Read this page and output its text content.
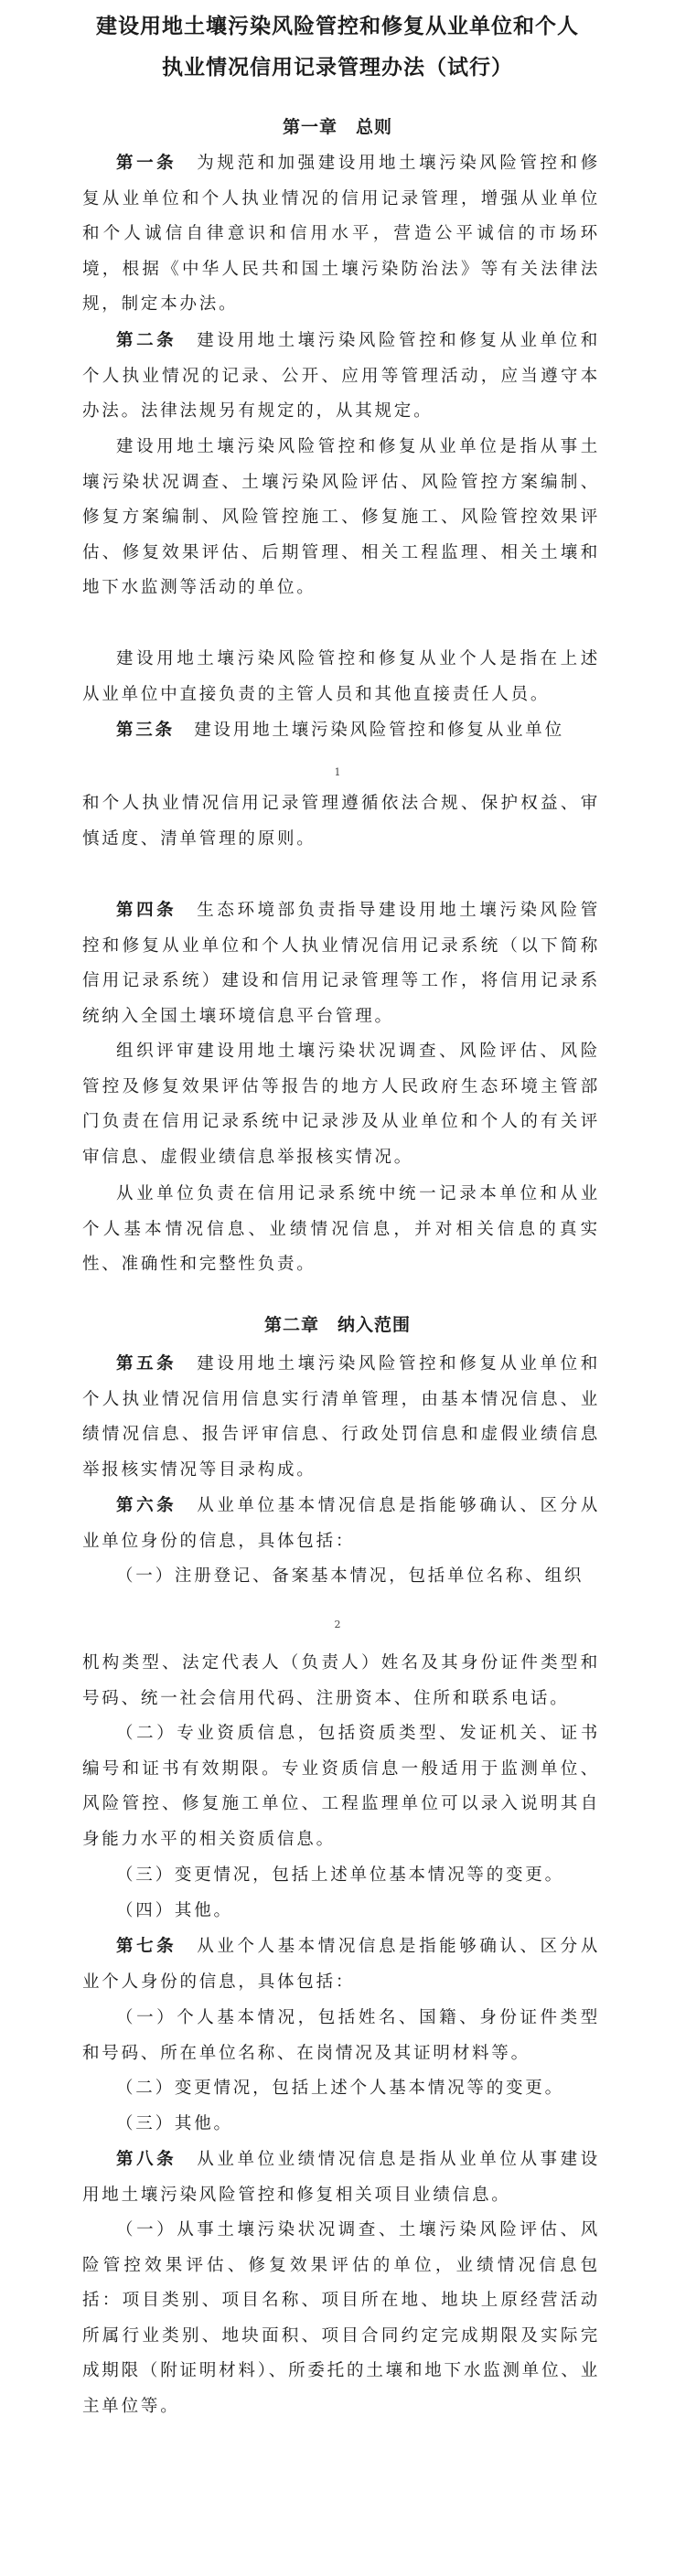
建设用地土壤污染风险管控和修复从业单位和个人
执业情况信用记录管理办法（试行）
第一章　总则
第一条　为规范和加强建设用地土壤污染风险管控和修复从业单位和个人执业情况的信用记录管理，增强从业单位和个人诚信自律意识和信用水平，营造公平诚信的市场环境，根据《中华人民共和国土壤污染防治法》等有关法律法规，制定本办法。
第二条　建设用地土壤污染风险管控和修复从业单位和个人执业情况的记录、公开、应用等管理活动，应当遵守本办法。法律法规另有规定的，从其规定。
建设用地土壤污染风险管控和修复从业单位是指从事土壤污染状况调查、土壤污染风险评估、风险管控方案编制、修复方案编制、风险管控施工、修复施工、风险管控效果评估、修复效果评估、后期管理、相关工程监理、相关土壤和地下水监测等活动的单位。
建设用地土壤污染风险管控和修复从业个人是指在上述从业单位中直接负责的主管人员和其他直接责任人员。
第三条　建设用地土壤污染风险管控和修复从业单位
1
和个人执业情况信用记录管理遵循依法合规、保护权益、审慎适度、清单管理的原则。
第四条　生态环境部负责指导建设用地土壤污染风险管控和修复从业单位和个人执业情况信用记录系统（以下简称信用记录系统）建设和信用记录管理等工作，将信用记录系统纳入全国土壤环境信息平台管理。
组织评审建设用地土壤污染状况调查、风险评估、风险管控及修复效果评估等报告的地方人民政府生态环境主管部门负责在信用记录系统中记录涉及从业单位和个人的有关评审信息、虚假业绩信息举报核实情况。
从业单位负责在信用记录系统中统一记录本单位和从业个人基本情况信息、业绩情况信息，并对相关信息的真实性、准确性和完整性负责。
第二章　纳入范围
第五条　建设用地土壤污染风险管控和修复从业单位和个人执业情况信用信息实行清单管理，由基本情况信息、业绩情况信息、报告评审信息、行政处罚信息和虚假业绩信息举报核实情况等目录构成。
第六条　从业单位基本情况信息是指能够确认、区分从业单位身份的信息，具体包括：
（一）注册登记、备案基本情况，包括单位名称、组织
2
机构类型、法定代表人（负责人）姓名及其身份证件类型和号码、统一社会信用代码、注册资本、住所和联系电话。
（二）专业资质信息，包括资质类型、发证机关、证书编号和证书有效期限。专业资质信息一般适用于监测单位、风险管控、修复施工单位、工程监理单位可以录入说明其自身能力水平的相关资质信息。
（三）变更情况，包括上述单位基本情况等的变更。
（四）其他。
第七条　从业个人基本情况信息是指能够确认、区分从业个人身份的信息，具体包括：
（一）个人基本情况，包括姓名、国籍、身份证件类型和号码、所在单位名称、在岗情况及其证明材料等。
（二）变更情况，包括上述个人基本情况等的变更。
（三）其他。
第八条　从业单位业绩情况信息是指从业单位从事建设用地土壤污染风险管控和修复相关项目业绩信息。
（一）从事土壤污染状况调查、土壤污染风险评估、风险管控效果评估、修复效果评估的单位，业绩情况信息包括：项目类别、项目名称、项目所在地、地块上原经营活动所属行业类别、地块面积、项目合同约定完成期限及实际完成期限（附证明材料）、所委托的土壤和地下水监测单位、业主单位等。
